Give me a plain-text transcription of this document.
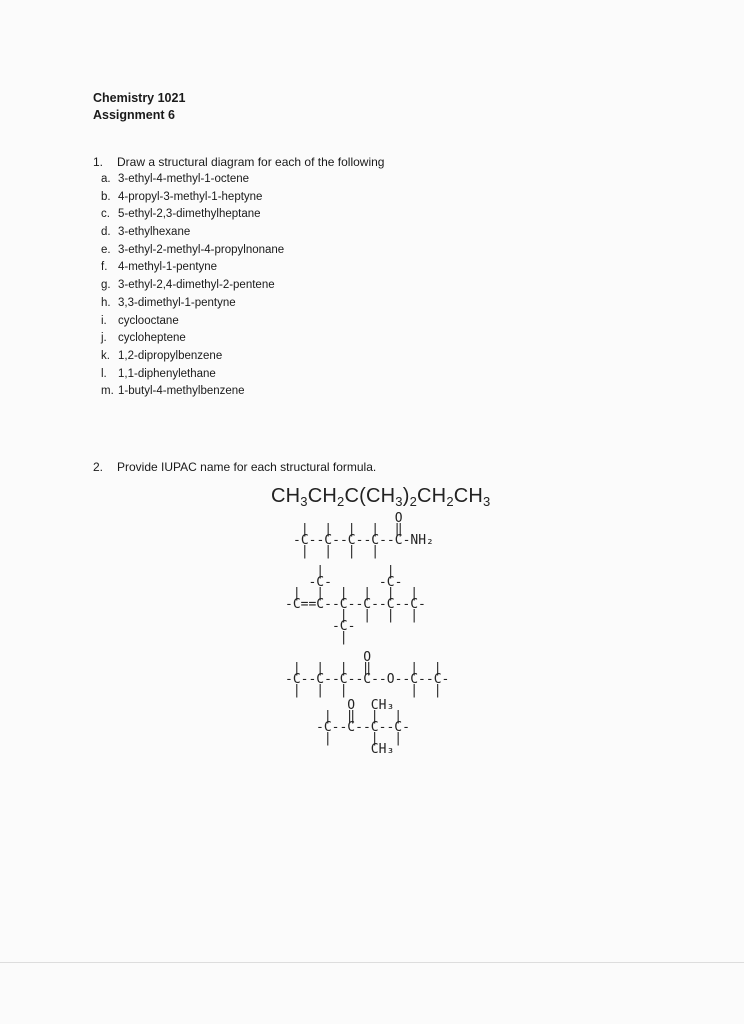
Chemistry 1021
Assignment 6
1. Draw a structural diagram for each of the following
a. 3-ethyl-4-methyl-1-octene
b. 4-propyl-3-methyl-1-heptyne
c. 5-ethyl-2,3-dimethylheptane
d. 3-ethylhexane
e. 3-ethyl-2-methyl-4-propylnonane
f. 4-methyl-1-pentyne
g. 3-ethyl-2,4-dimethyl-2-pentene
h. 3,3-dimethyl-1-pentyne
i. cyclooctane
j. cycloheptene
k. 1,2-dipropylbenzene
l. 1,1-diphenylethane
m. 1-butyl-4-methylbenzene
2. Provide IUPAC name for each structural formula.
$CH_3CH_2C(CH_3)_2CH_2CH_3$
O
|  |  |  |  ‖
-C--C--C--C--C-NH₂
|  |  |  |
|        |
-C-      -C-
|  |  |  |  |  |
-C==C--C--C--C--C-
|  |  |  |
-C-
|
O
|  |  |  ‖     |  |
-C--C--C--C--O--C--C-
|  |  |        |  |
O  CH₃
|  ‖  |  |
-C--C--C--C-
|     |  |
CH₃
